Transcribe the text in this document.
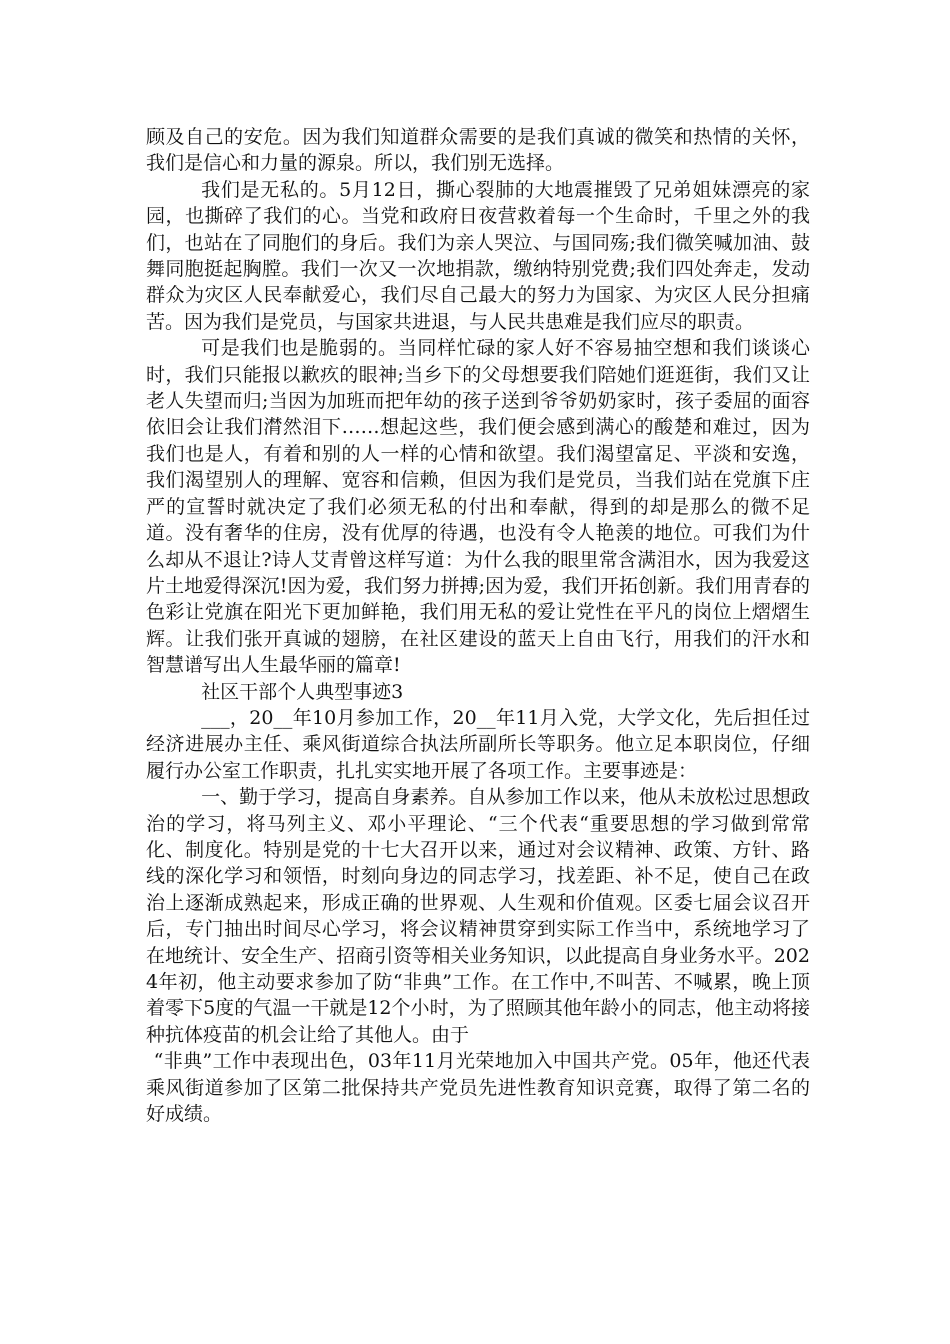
顾及自己的安危。因为我们知道群众需要的是我们真诚的微笑和热情的关怀，我们是信心和力量的源泉。所以，我们别无选择。

我们是无私的。5月12日，撕心裂肺的大地震摧毁了兄弟姐妹漂亮的家园，也撕碎了我们的心。当党和政府日夜营救着每一个生命时，千里之外的我们，也站在了同胞们的身后。我们为亲人哭泣、与国同殇;我们微笑喊加油、鼓舞同胞挺起胸膛。我们一次又一次地捐款，缴纳特别党费;我们四处奔走，发动群众为灾区人民奉献爱心，我们尽自己最大的努力为国家、为灾区人民分担痛苦。因为我们是党员，与国家共进退，与人民共患难是我们应尽的职责。

可是我们也是脆弱的。当同样忙碌的家人好不容易抽空想和我们谈谈心时，我们只能报以歉疚的眼神;当乡下的父母想要我们陪她们逛逛街，我们又让老人失望而归;当因为加班而把年幼的孩子送到爷爷奶奶家时，孩子委屈的面容依旧会让我们潸然泪下……想起这些，我们便会感到满心的酸楚和难过，因为我们也是人，有着和别的人一样的心情和欲望。我们渴望富足、平淡和安逸，我们渴望别人的理解、宽容和信赖，但因为我们是党员，当我们站在党旗下庄严的宣誓时就决定了我们必须无私的付出和奉献，得到的却是那么的微不足道。没有奢华的住房，没有优厚的待遇，也没有令人艳羡的地位。可我们为什么却从不退让?诗人艾青曾这样写道：为什么我的眼里常含满泪水，因为我爱这片土地爱得深沉!因为爱，我们努力拼搏;因为爱，我们开拓创新。我们用青春的色彩让党旗在阳光下更加鲜艳，我们用无私的爱让党性在平凡的岗位上熠熠生辉。让我们张开真诚的翅膀，在社区建设的蓝天上自由飞行，用我们的汗水和智慧谱写出人生最华丽的篇章!

社区干部个人典型事迹3

___，20__年10月参加工作，20__年11月入党，大学文化，先后担任过经济进展办主任、乘风街道综合执法所副所长等职务。他立足本职岗位，仔细履行办公室工作职责，扎扎实实地开展了各项工作。主要事迹是：

一、勤于学习，提高自身素养。自从参加工作以来，他从未放松过思想政治的学习，将马列主义、邓小平理论、“三个代表“重要思想的学习做到常常化、制度化。特别是党的十七大召开以来，通过对会议精神、政策、方针、路线的深化学习和领悟，时刻向身边的同志学习，找差距、补不足，使自己在政治上逐渐成熟起来，形成正确的世界观、人生观和价值观。区委七届会议召开后，专门抽出时间尽心学习，将会议精神贯穿到实际工作当中，系统地学习了在地统计、安全生产、招商引资等相关业务知识，以此提高自身业务水平。2024年初，他主动要求参加了防“非典”工作。在工作中,不叫苦、不喊累，晚上顶着零下5度的气温一干就是12个小时，为了照顾其他年龄小的同志，他主动将接种抗体疫苗的机会让给了其他人。由于

“非典”工作中表现出色，03年11月光荣地加入中国共产党。05年，他还代表乘风街道参加了区第二批保持共产党员先进性教育知识竞赛，取得了第二名的好成绩。
